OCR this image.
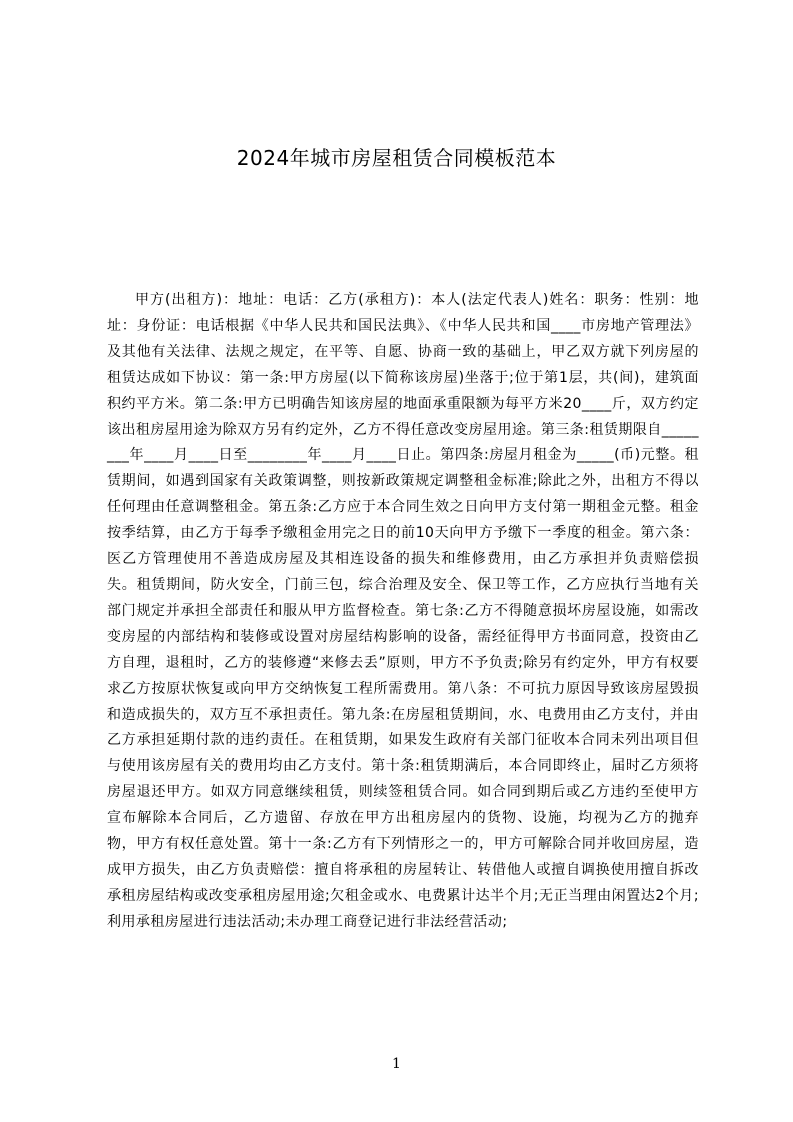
2024年城市房屋租赁合同模板范本

甲方(出租方)：地址：电话：乙方(承租方)：本人(法定代表人)姓名：职务：性别：地址：身份证：电话根据《中华人民共和国民法典》、《中华人民共和国____市房地产管理法》及其他有关法律、法规之规定，在平等、自愿、协商一致的基础上，甲乙双方就下列房屋的租赁达成如下协议：第一条:甲方房屋(以下简称该房屋)坐落于;位于第1层，共(间)，建筑面积约平方米。第二条:甲方已明确告知该房屋的地面承重限额为每平方米20____斤，双方约定该出租房屋用途为除双方另有约定外，乙方不得任意改变房屋用途。第三条:租赁期限自________年____月____日至________年____月____日止。第四条:房屋月租金为_____(币)元整。租赁期间，如遇到国家有关政策调整，则按新政策规定调整租金标准;除此之外，出租方不得以任何理由任意调整租金。第五条:乙方应于本合同生效之日向甲方支付第一期租金元整。租金按季结算，由乙方于每季予缴租金用完之日的前10天向甲方予缴下一季度的租金。第六条：医乙方管理使用不善造成房屋及其相连设备的损失和维修费用，由乙方承担并负责赔偿损失。租赁期间，防火安全，门前三包，综合治理及安全、保卫等工作，乙方应执行当地有关部门规定并承担全部责任和服从甲方监督检查。第七条:乙方不得随意损坏房屋设施，如需改变房屋的内部结构和装修或设置对房屋结构影响的设备，需经征得甲方书面同意，投资由乙方自理，退租时，乙方的装修遵“来修去丢”原则，甲方不予负责;除另有约定外，甲方有权要求乙方按原状恢复或向甲方交纳恢复工程所需费用。第八条：不可抗力原因导致该房屋毁损和造成损失的，双方互不承担责任。第九条:在房屋租赁期间，水、电费用由乙方支付，并由乙方承担延期付款的违约责任。在租赁期，如果发生政府有关部门征收本合同未列出项目但与使用该房屋有关的费用均由乙方支付。第十条:租赁期满后，本合同即终止，届时乙方须将房屋退还甲方。如双方同意继续租赁，则续签租赁合同。如合同到期后或乙方违约至使甲方宣布解除本合同后，乙方遗留、存放在甲方出租房屋内的货物、设施，均视为乙方的抛弃物，甲方有权任意处置。第十一条:乙方有下列情形之一的，甲方可解除合同并收回房屋，造成甲方损失，由乙方负责赔偿：擅自将承租的房屋转让、转借他人或擅自调换使用擅自拆改承租房屋结构或改变承租房屋用途;欠租金或水、电费累计达半个月;无正当理由闲置达2个月;利用承租房屋进行违法活动;未办理工商登记进行非法经营活动;

1
